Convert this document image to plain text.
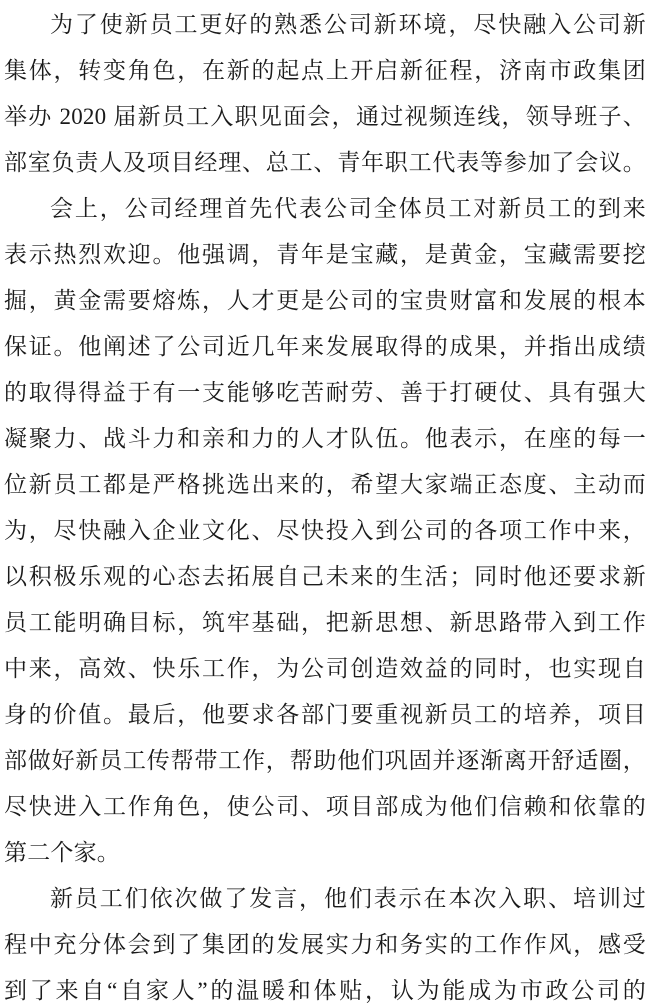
为了使新员工更好的熟悉公司新环境，尽快融入公司新
集体，转变角色，在新的起点上开启新征程，济南市政集团
举办 2020 届新员工入职见面会，通过视频连线，领导班子、
部室负责人及项目经理、总工、青年职工代表等参加了会议。

会上，公司经理首先代表公司全体员工对新员工的到来
表示热烈欢迎。他强调，青年是宝藏，是黄金，宝藏需要挖
掘，黄金需要熔炼，人才更是公司的宝贵财富和发展的根本
保证。他阐述了公司近几年来发展取得的成果，并指出成绩
的取得得益于有一支能够吃苦耐劳、善于打硬仗、具有强大
凝聚力、战斗力和亲和力的人才队伍。他表示，在座的每一
位新员工都是严格挑选出来的，希望大家端正态度、主动而
为，尽快融入企业文化、尽快投入到公司的各项工作中来，
以积极乐观的心态去拓展自己未来的生活；同时他还要求新
员工能明确目标，筑牢基础，把新思想、新思路带入到工作
中来，高效、快乐工作，为公司创造效益的同时，也实现自
身的价值。最后，他要求各部门要重视新员工的培养，项目
部做好新员工传帮带工作，帮助他们巩固并逐渐离开舒适圈，
尽快进入工作角色，使公司、项目部成为他们信赖和依靠的
第二个家。

新员工们依次做了发言，他们表示在本次入职、培训过
程中充分体会到了集团的发展实力和务实的工作作风，感受
到了来自“自家人”的温暖和体贴，认为能成为市政公司的
